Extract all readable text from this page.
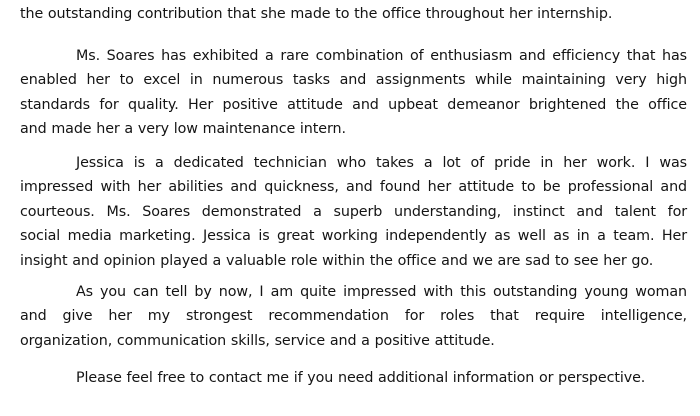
the outstanding contribution that she made to the office throughout her internship.
Ms. Soares has exhibited a rare combination of enthusiasm and efficiency that has
enabled her to excel in numerous tasks and assignments while maintaining very high
standards for quality. Her positive attitude and upbeat demeanor brightened the office
and made her a very low maintenance intern.
Jessica is a dedicated technician who takes a lot of pride in her work. I was
impressed with her abilities and quickness, and found her attitude to be professional and
courteous. Ms. Soares demonstrated a superb understanding, instinct and talent for
social media marketing. Jessica is great working independently as well as in a team. Her
insight and opinion played a valuable role within the office and we are sad to see her go.
As you can tell by now, I am quite impressed with this outstanding young woman
and give her my strongest recommendation for roles that require intelligence,
organization, communication skills, service and a positive attitude.
Please feel free to contact me if you need additional information or perspective.
